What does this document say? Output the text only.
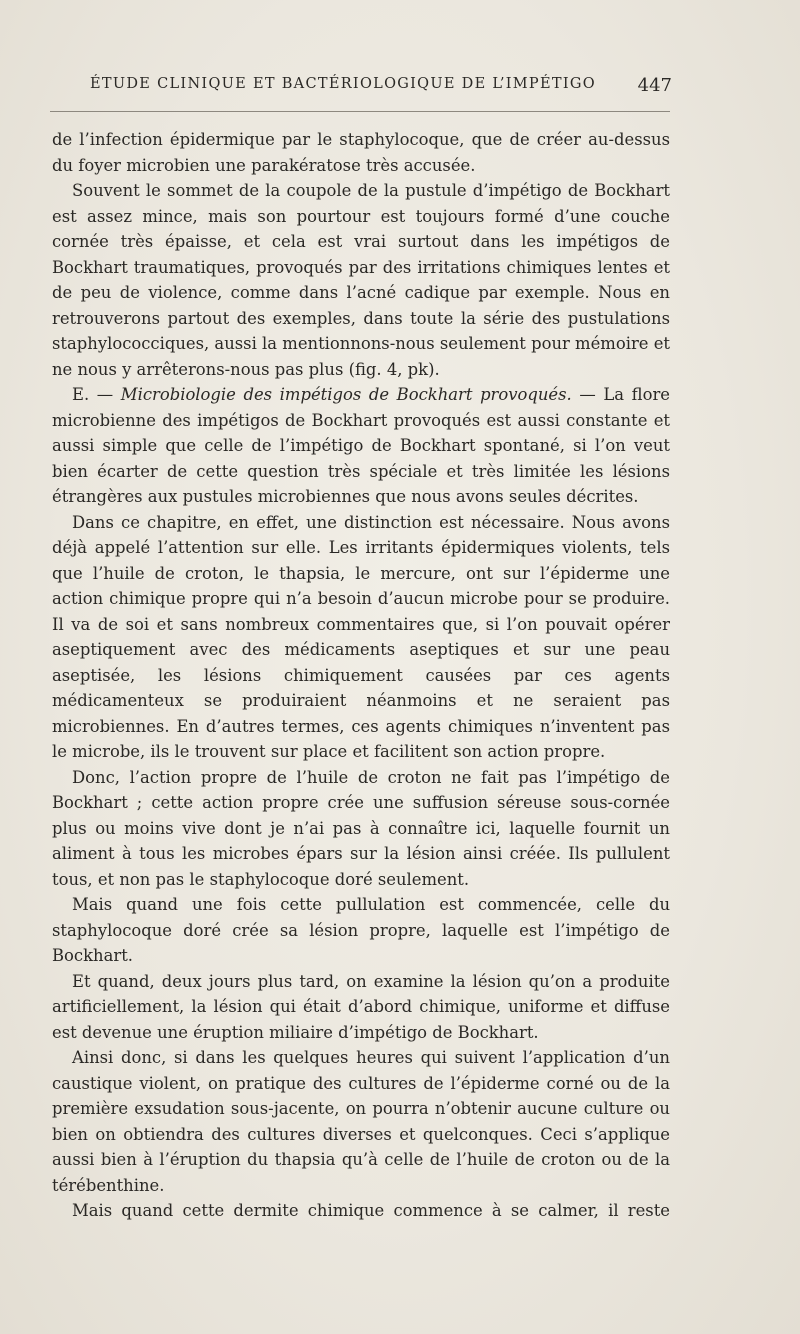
ÉTUDE CLINIQUE ET BACTÉRIOLOGIQUE DE L’IMPÉTIGO 447

de l’infection épidermique par le staphylocoque, que de créer au-dessus du foyer microbien une parakératose très accusée.

Souvent le sommet de la coupole de la pustule d’impétigo de Bockhart est assez mince, mais son pourtour est toujours formé d’une couche cornée très épaisse, et cela est vrai surtout dans les impétigos de Bockhart traumatiques, provoqués par des irritations chimiques lentes et de peu de violence, comme dans l’acné cadique par exemple. Nous en retrouverons partout des exemples, dans toute la série des pustulations staphylococciques, aussi la mentionnons-nous seulement pour mémoire et ne nous y arrêterons-nous pas plus (fig. 4, pk).

E. — Microbiologie des impétigos de Bockhart provoqués. — La flore microbienne des impétigos de Bockhart provoqués est aussi constante et aussi simple que celle de l’impétigo de Bockhart spontané, si l’on veut bien écarter de cette question très spéciale et très limitée les lésions étrangères aux pustules microbiennes que nous avons seules décrites.

Dans ce chapitre, en effet, une distinction est nécessaire. Nous avons déjà appelé l’attention sur elle. Les irritants épidermiques violents, tels que l’huile de croton, le thapsia, le mercure, ont sur l’épiderme une action chimique propre qui n’a besoin d’aucun microbe pour se produire. Il va de soi et sans nombreux commentaires que, si l’on pouvait opérer aseptiquement avec des médicaments aseptiques et sur une peau aseptisée, les lésions chimiquement causées par ces agents médicamenteux se produiraient néanmoins et ne seraient pas microbiennes. En d’autres termes, ces agents chimiques n’inventent pas le microbe, ils le trouvent sur place et facilitent son action propre.

Donc, l’action propre de l’huile de croton ne fait pas l’impétigo de Bockhart ; cette action propre crée une suffusion séreuse sous-cornée plus ou moins vive dont je n’ai pas à connaître ici, laquelle fournit un aliment à tous les microbes épars sur la lésion ainsi créée. Ils pullulent tous, et non pas le staphylocoque doré seulement.

Mais quand une fois cette pullulation est commencée, celle du staphylocoque doré crée sa lésion propre, laquelle est l’impétigo de Bockhart.

Et quand, deux jours plus tard, on examine la lésion qu’on a produite artificiellement, la lésion qui était d’abord chimique, uniforme et diffuse est devenue une éruption miliaire d’impétigo de Bockhart.

Ainsi donc, si dans les quelques heures qui suivent l’application d’un caustique violent, on pratique des cultures de l’épiderme corné ou de la première exsudation sous-jacente, on pourra n’obtenir aucune culture ou bien on obtiendra des cultures diverses et quelconques. Ceci s’applique aussi bien à l’éruption du thapsia qu’à celle de l’huile de croton ou de la térébenthine.

Mais quand cette dermite chimique commence à se calmer, il reste
